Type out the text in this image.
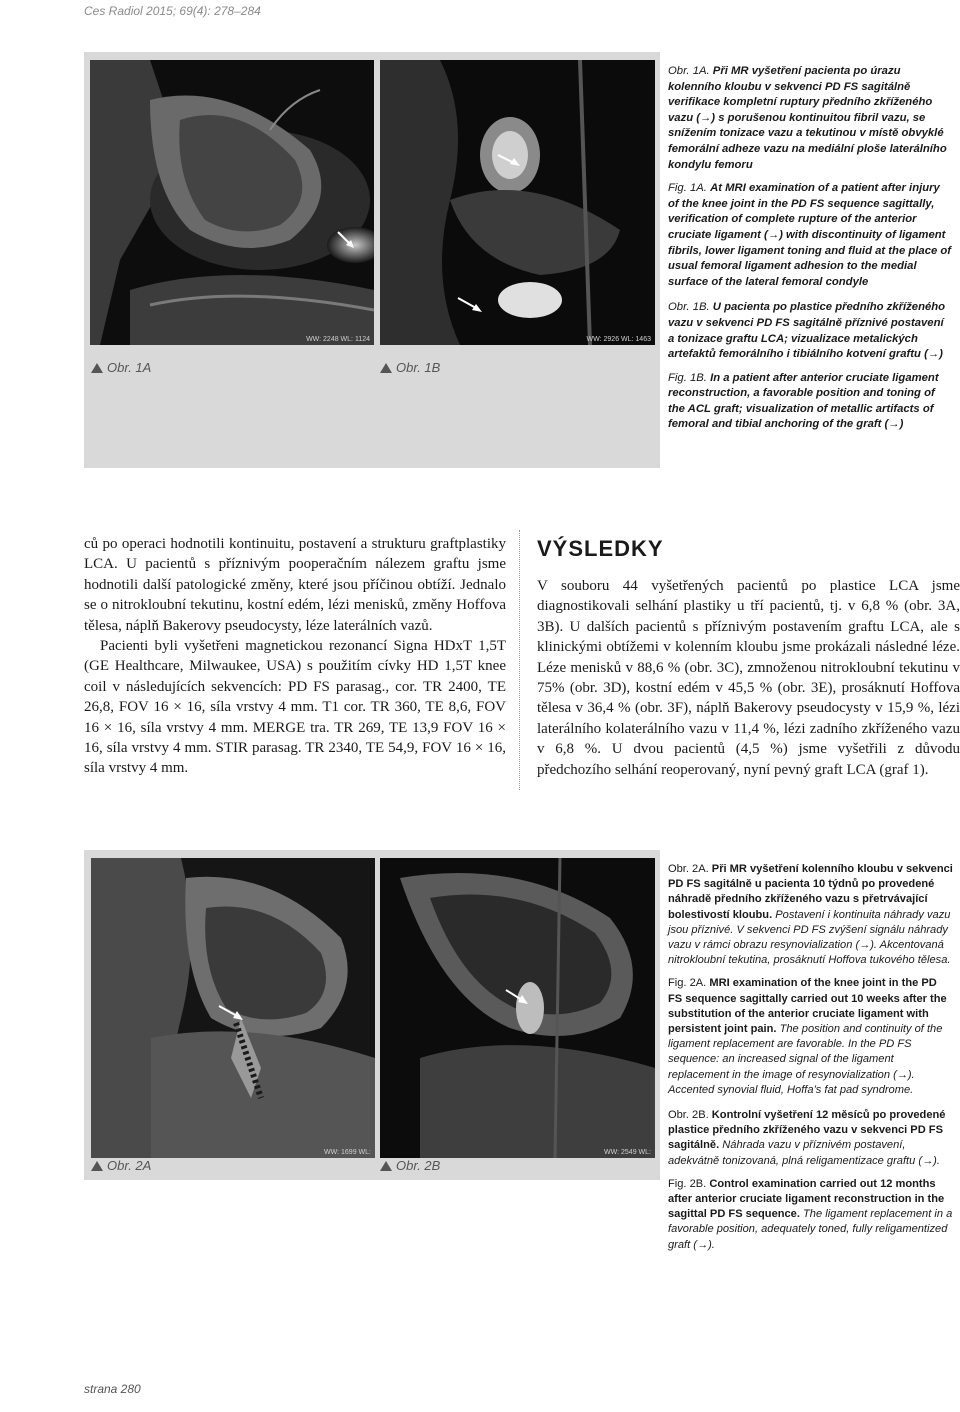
Ces Radiol 2015; 69(4): 278–284
WW: 2248 WL: 1124	WW: 2926 WL: 1463
Obr. 1A	Obr. 1B

Obr. 1A. Při MR vyšetření pacienta po úrazu kolenního kloubu v sekvenci PD FS sagitálně verifikace kompletní ruptury předního zkříženého vazu (→) s porušenou kontinuitou fibril vazu, se snížením tonizace vazu a tekutinou v místě obvyklé femorální adheze vazu na mediální ploše laterálního kondylu femoru

Fig. 1A. At MRI examination of a patient after injury of the knee joint in the PD FS sequence sagittally, verification of complete rupture of the anterior cruciate ligament (→) with discontinuity of ligament fibrils, lower ligament toning and fluid at the place of usual femoral ligament adhesion to the medial surface of the lateral femoral condyle

Obr. 1B. U pacienta po plastice předního zkříženého vazu v sekvenci PD FS sagitálně příznivé postavení a tonizace graftu LCA; vizualizace metalických artefaktů femorálního i tibiálního kotvení graftu (→)

Fig. 1B. In a patient after anterior cruciate ligament reconstruction, a favorable position and toning of the ACL graft; visualization of metallic artifacts of femoral and tibial anchoring of the graft (→)

ců po operaci hodnotili kontinuitu, postavení a strukturu graftplastiky LCA. U pacientů s příznivým pooperačním nálezem graftu jsme hodnotili další patologické změny, které jsou příčinou obtíží. Jednalo se o nitrokloubní tekutinu, kostní edém, lézi menisků, změny Hoffova tělesa, náplň Bakerovy pseudocysty, léze laterálních vazů.

Pacienti byli vyšetřeni magnetickou rezonancí Signa HDxT 1,5T (GE Healthcare, Milwaukee, USA) s použitím cívky HD 1,5T knee coil v následujících sekvencích: PD FS parasag., cor. TR 2400, TE 26,8, FOV 16 × 16, síla vrstvy 4 mm. T1 cor. TR 360, TE 8,6, FOV 16 × 16, síla vrstvy 4 mm. MERGE tra. TR 269, TE 13,9 FOV 16 × 16, síla vrstvy 4 mm. STIR parasag. TR 2340, TE 54,9, FOV 16 × 16, síla vrstvy 4 mm.

VÝSLEDKY

V souboru 44 vyšetřených pacientů po plastice LCA jsme diagnostikovali selhání plastiky u tří pacientů, tj. v 6,8 % (obr. 3A, 3B). U dalších pacientů s příznivým postavením graftu LCA, ale s klinickými obtížemi v kolenním kloubu jsme prokázali následné léze. Léze menisků v 88,6 % (obr. 3C), zmnoženou nitrokloubní tekutinu v 75% (obr. 3D), kostní edém v 45,5 % (obr. 3E), prosáknutí Hoffova tělesa v 36,4 % (obr. 3F), náplň Bakerovy pseudocysty v 15,9 %, lézi laterálního kolaterálního vazu v 11,4 %, lézi zadního zkříženého vazu v 6,8 %. U dvou pacientů (4,5 %) jsme vyšetřili z důvodu předchozího selhání reoperovaný, nyní pevný graft LCA (graf 1).

WW: 1699 WL:	WW: 2549 WL:
Obr. 2A	Obr. 2B

Obr. 2A. Při MR vyšetření kolenního kloubu v sekvenci PD FS sagitálně u pacienta 10 týdnů po provedené náhradě předního zkříženého vazu s přetrvávající bolestivostí kloubu. Postavení i kontinuita náhrady vazu jsou příznivé. V sekvenci PD FS zvýšení signálu náhrady vazu v rámci obrazu resynovialization (→). Akcentovaná nitrokloubní tekutina, prosáknutí Hoffova tukového tělesa.

Fig. 2A. MRI examination of the knee joint in the PD FS sequence sagittally carried out 10 weeks after the substitution of the anterior cruciate ligament with persistent joint pain. The position and continuity of the ligament replacement are favorable. In the PD FS sequence: an increased signal of the ligament replacement in the image of resynovialization (→). Accented synovial fluid, Hoffa’s fat pad syndrome.

Obr. 2B. Kontrolní vyšetření 12 měsíců po provedené plastice předního zkříženého vazu v sekvenci PD FS sagitálně. Náhrada vazu v příznivém postavení, adekvátně tonizovaná, plná religamentizace graftu (→).

Fig. 2B. Control examination carried out 12 months after anterior cruciate ligament reconstruction in the sagittal PD FS sequence. The ligament replacement in a favorable position, adequately toned, fully religamentized graft (→).

strana 280
